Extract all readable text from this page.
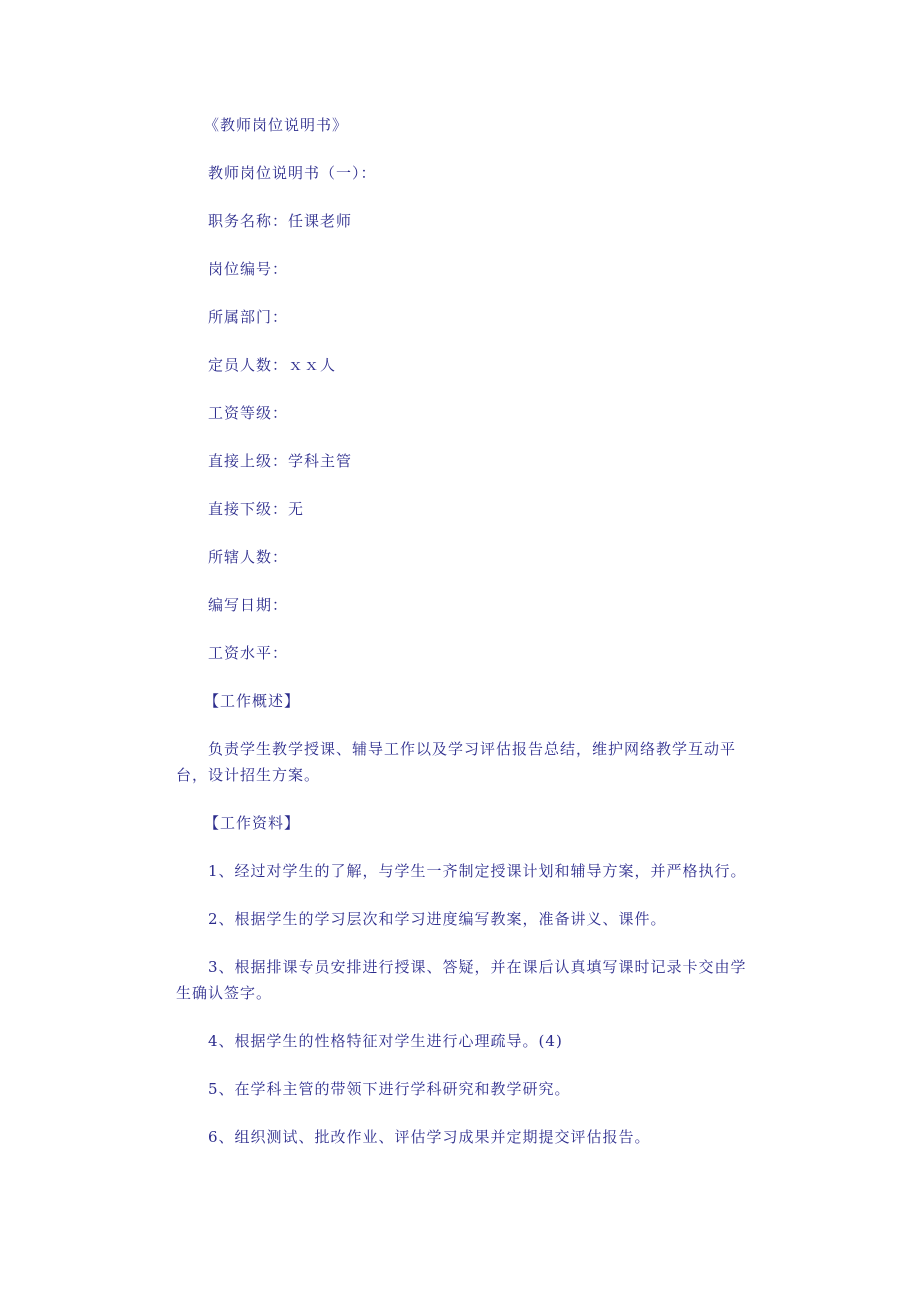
《教师岗位说明书》
教师岗位说明书（一）：
职务名称：任课老师
岗位编号：
所属部门：
定员人数：ｘｘ人
工资等级：
直接上级：学科主管
直接下级：无
所辖人数：
编写日期：
工资水平：
【工作概述】
负责学生教学授课、辅导工作以及学习评估报告总结，维护网络教学互动平台，设计招生方案。
【工作资料】
1、经过对学生的了解，与学生一齐制定授课计划和辅导方案，并严格执行。
2、根据学生的学习层次和学习进度编写教案，准备讲义、课件。
3、根据排课专员安排进行授课、答疑，并在课后认真填写课时记录卡交由学生确认签字。
4、根据学生的性格特征对学生进行心理疏导。(4)
5、在学科主管的带领下进行学科研究和教学研究。
6、组织测试、批改作业、评估学习成果并定期提交评估报告。
